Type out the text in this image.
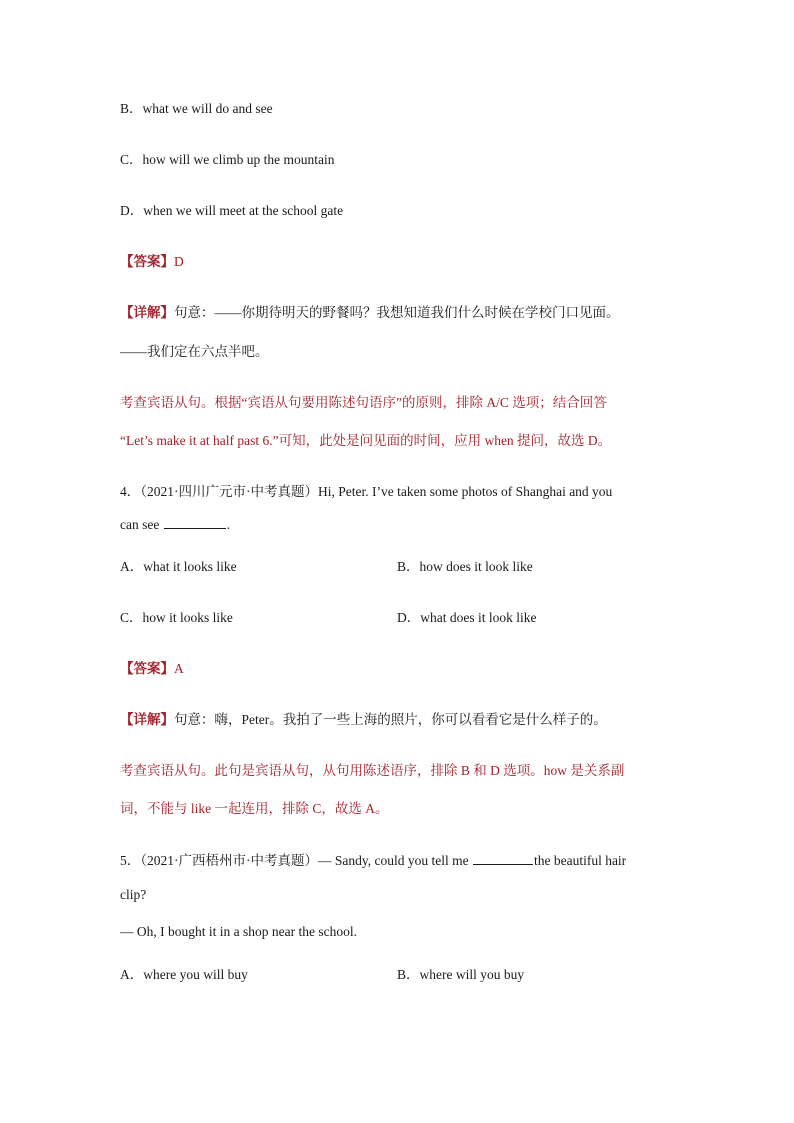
B．what we will do and see
C．how will we climb up the mountain
D．when we will meet at the school gate
【答案】D
【详解】句意：——你期待明天的野餐吗？我想知道我们什么时候在学校门口见面。
——我们定在六点半吧。
考查宾语从句。根据“宾语从句要用陈述句语序”的原则，排除 A/C 选项；结合回答
“Let’s make it at half past 6.”可知，此处是问见面的时间，应用 when 提问，故选 D。
4．（2021·四川广元市·中考真题）Hi, Peter. I’ve taken some photos of Shanghai and you
can see	.
A．what it looks like	B．how does it look like
C．how it looks like	D．what does it look like
【答案】A
【详解】句意：嗨，Peter。我拍了一些上海的照片，你可以看看它是什么样子的。
考查宾语从句。此句是宾语从句，从句用陈述语序，排除 B 和 D 选项。how 是关系副
词，不能与 like 一起连用，排除 C，故选 A。
5．（2021·广西梧州市·中考真题）— Sandy, could you tell me	the beautiful hair
clip?
— Oh, I bought it in a shop near the school.
A．where you will buy	B．where will you buy
